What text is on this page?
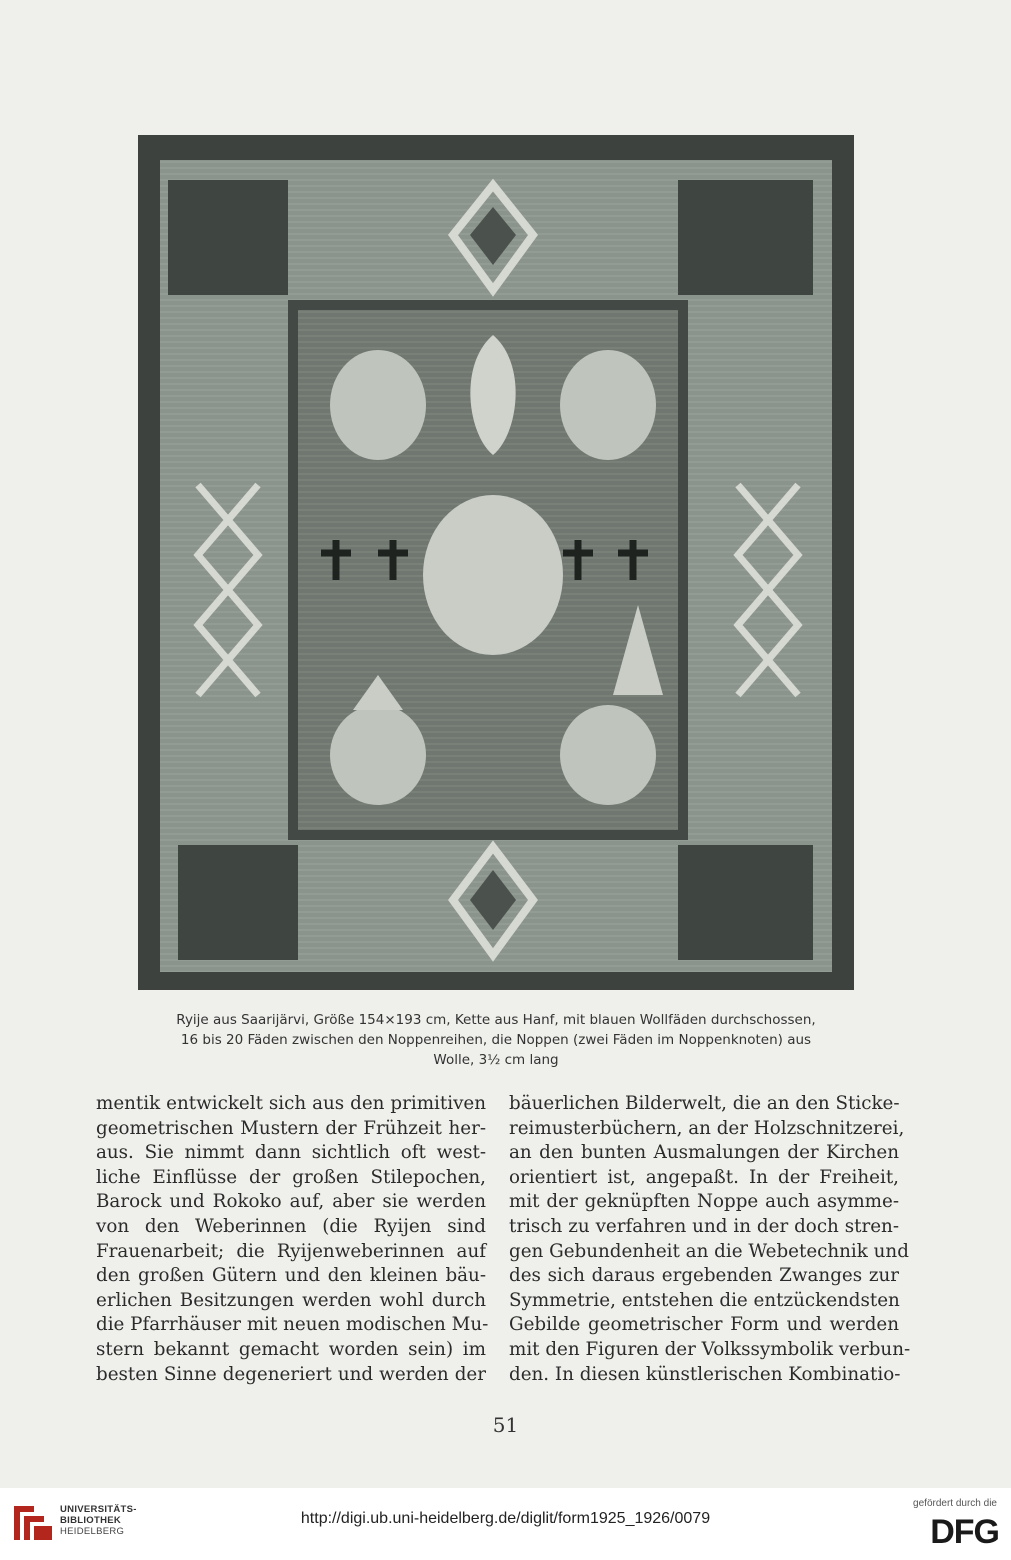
Ryije aus Saarijärvi, Größe 154×193 cm, Kette aus Hanf, mit blauen Wollfäden durchschossen,
16 bis 20 Fäden zwischen den Noppenreihen, die Noppen (zwei Fäden im Noppenknoten) aus
Wolle, 3½ cm lang
mentik entwickelt sich aus den primitiven
geometrischen Mustern der Frühzeit her-
aus. Sie nimmt dann sichtlich oft west-
liche Einflüsse der großen Stilepochen,
Barock und Rokoko auf, aber sie werden
von den Weberinnen (die Ryijen sind
Frauenarbeit; die Ryijenweberinnen auf
den großen Gütern und den kleinen bäu-
erlichen Besitzungen werden wohl durch
die Pfarrhäuser mit neuen modischen Mu-
stern bekannt gemacht worden sein) im
besten Sinne degeneriert und werden der
bäuerlichen Bilderwelt, die an den Sticke-
reimusterbüchern, an der Holzschnitzerei,
an den bunten Ausmalungen der Kirchen
orientiert ist, angepaßt. In der Freiheit,
mit der geknüpften Noppe auch asymme-
trisch zu verfahren und in der doch stren-
gen Gebundenheit an die Webetechnik und
des sich daraus ergebenden Zwanges zur
Symmetrie, entstehen die entzückendsten
Gebilde geometrischer Form und werden
mit den Figuren der Volkssymbolik verbun-
den. In diesen künstlerischen Kombinatio-
51
UNIVERSITÄTS-
BIBLIOTHEK
HEIDELBERG
http://digi.ub.uni-heidelberg.de/diglit/form1925_1926/0079
gefördert durch die
DFG
